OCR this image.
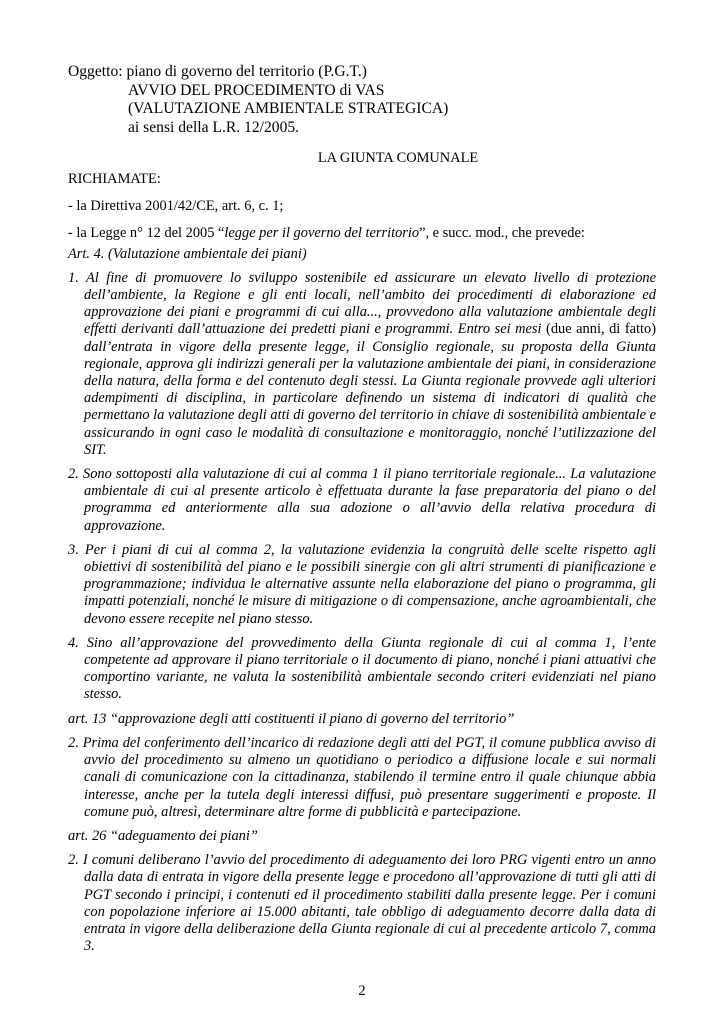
Oggetto: piano di governo del territorio (P.G.T.)
AVVIO DEL PROCEDIMENTO di VAS
(VALUTAZIONE AMBIENTALE STRATEGICA)
ai sensi della L.R. 12/2005.
LA GIUNTA COMUNALE

RICHIAMATE:

- la Direttiva 2001/42/CE, art. 6, c. 1;

- la Legge n° 12 del 2005 “legge per il governo del territorio”, e succ. mod., che prevede:

Art. 4. (Valutazione ambientale dei piani)

1. Al fine di promuovere lo sviluppo sostenibile ed assicurare un elevato livello di protezione dell’ambiente, la Regione e gli enti locali, nell’ambito dei procedimenti di elaborazione ed approvazione dei piani e programmi di cui alla..., provvedono alla valutazione ambientale degli effetti derivanti dall’attuazione dei predetti piani e programmi. Entro sei mesi (due anni, di fatto) dall’entrata in vigore della presente legge, il Consiglio regionale, su proposta della Giunta regionale, approva gli indirizzi generali per la valutazione ambientale dei piani, in considerazione della natura, della forma e del contenuto degli stessi. La Giunta regionale provvede agli ulteriori adempimenti di disciplina, in particolare definendo un sistema di indicatori di qualità che permettano la valutazione degli atti di governo del territorio in chiave di sostenibilità ambientale e assicurando in ogni caso le modalità di consultazione e monitoraggio, nonché l’utilizzazione del SIT.

2. Sono sottoposti alla valutazione di cui al comma 1 il piano territoriale regionale... La valutazione ambientale di cui al presente articolo è effettuata durante la fase preparatoria del piano o del programma ed anteriormente alla sua adozione o all’avvio della relativa procedura di approvazione.

3. Per i piani di cui al comma 2, la valutazione evidenzia la congruità delle scelte rispetto agli obiettivi di sostenibilità del piano e le possibili sinergie con gli altri strumenti di pianificazione e programmazione; individua le alternative assunte nella elaborazione del piano o programma, gli impatti potenziali, nonché le misure di mitigazione o di compensazione, anche agroambientali, che devono essere recepite nel piano stesso.

4. Sino all’approvazione del provvedimento della Giunta regionale di cui al comma 1, l’ente competente ad approvare il piano territoriale o il documento di piano, nonché i piani attuativi che comportino variante, ne valuta la sostenibilità ambientale secondo criteri evidenziati nel piano stesso.

art. 13 “approvazione degli atti costituenti il piano di governo del territorio”

2. Prima del conferimento dell’incarico di redazione degli atti del PGT, il comune pubblica avviso di avvio del procedimento su almeno un quotidiano o periodico a diffusione locale e sui normali canali di comunicazione con la cittadinanza, stabilendo il termine entro il quale chiunque abbia interesse, anche per la tutela degli interessi diffusi, può presentare suggerimenti e proposte. Il comune può, altresì, determinare altre forme di pubblicità e partecipazione.

art. 26 “adeguamento dei piani”

2. I comuni deliberano l’avvio del procedimento di adeguamento dei loro PRG vigenti entro un anno dalla data di entrata in vigore della presente legge e procedono all’approvazione di tutti gli atti di PGT secondo i principi, i contenuti ed il procedimento stabiliti dalla presente legge. Per i comuni con popolazione inferiore ai 15.000 abitanti, tale obbligo di adeguamento decorre dalla data di entrata in vigore della deliberazione della Giunta regionale di cui al precedente articolo 7, comma 3.

2
